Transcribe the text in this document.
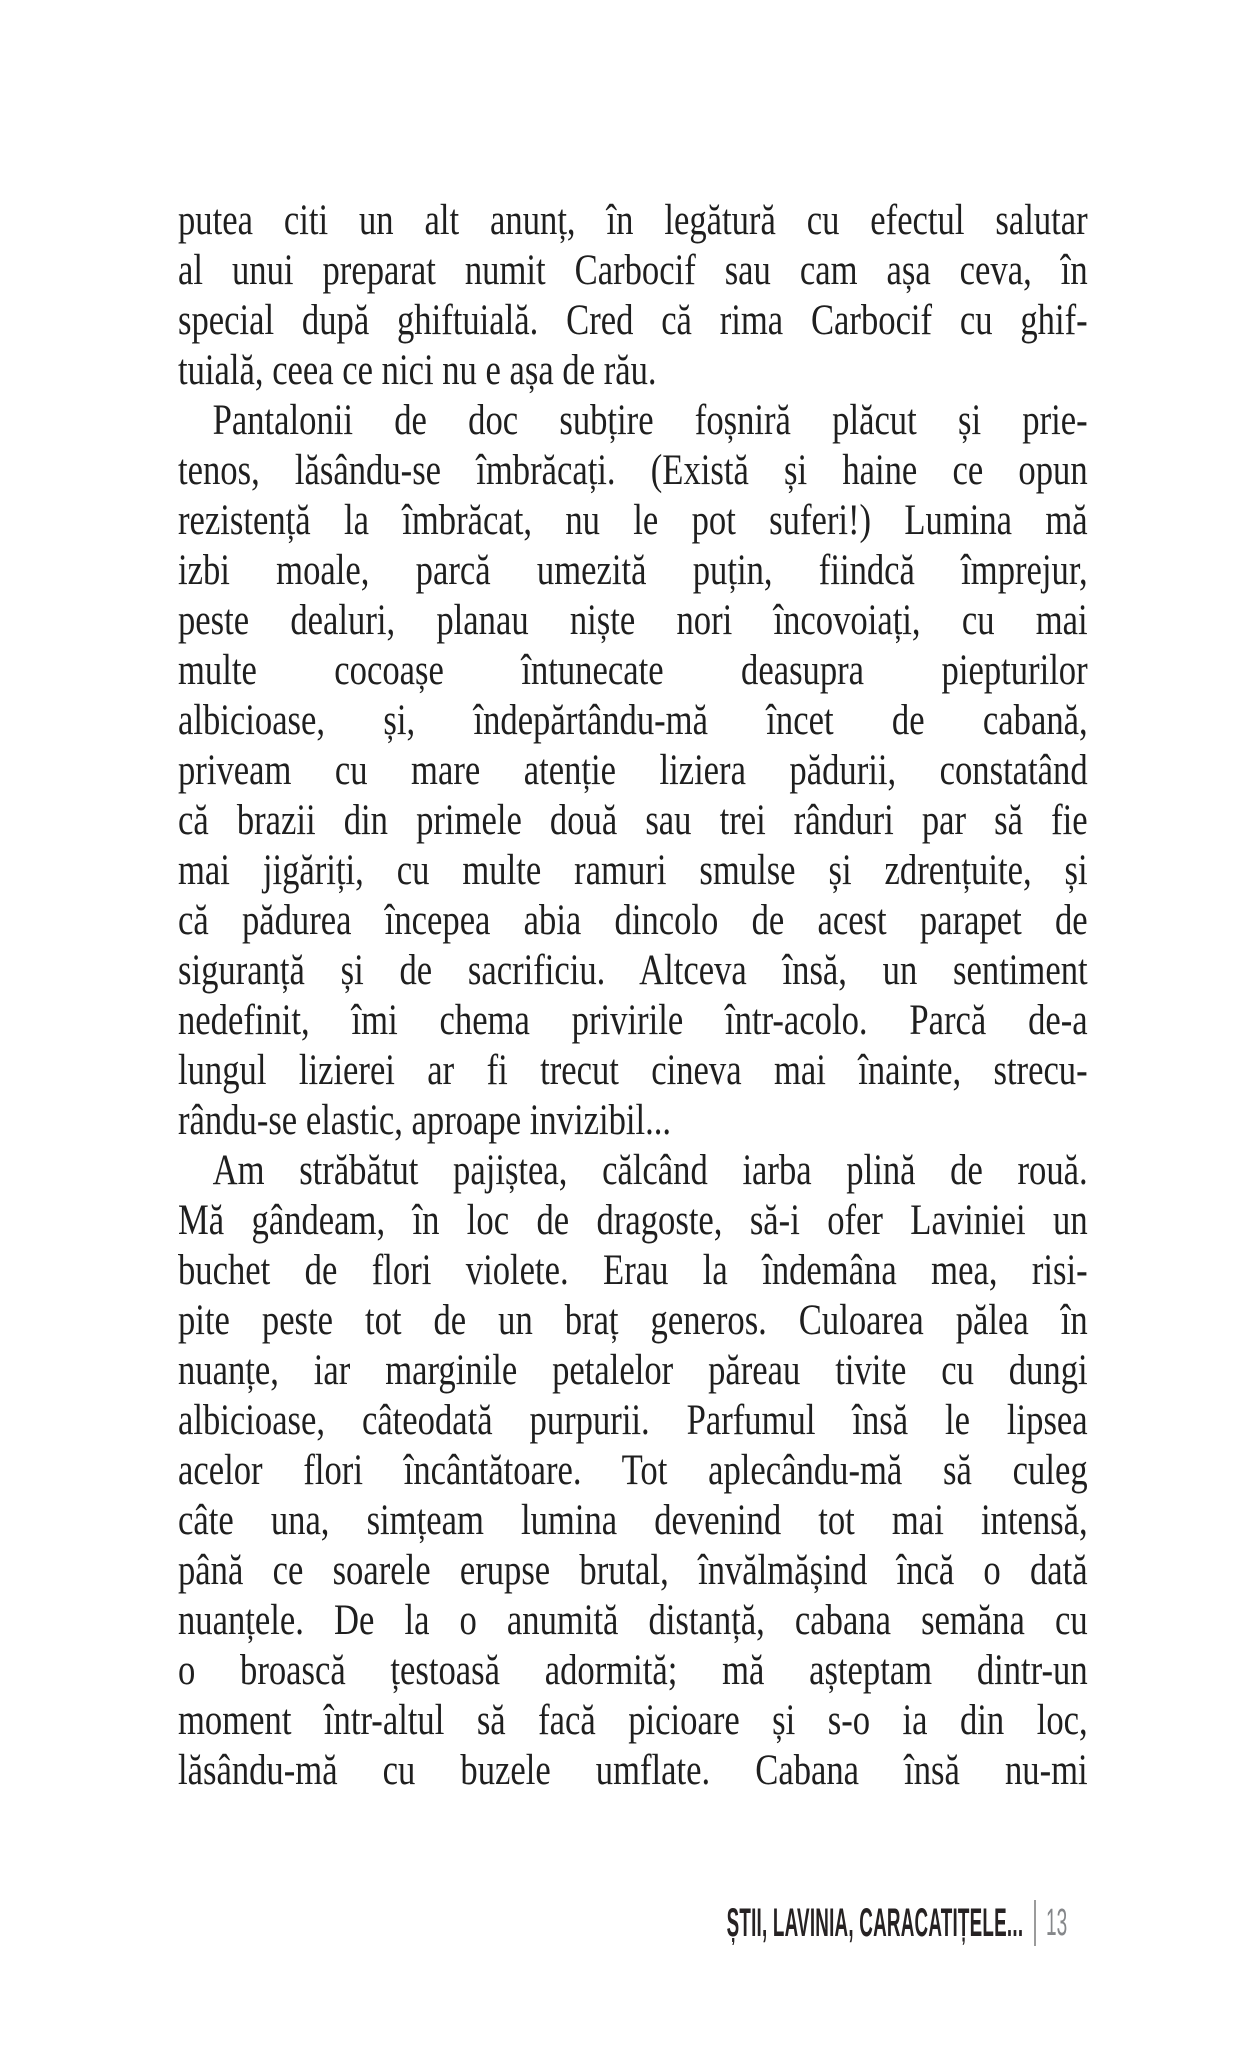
putea citi un alt anunț, în legătură cu efectul salutar
al unui preparat numit Carbocif sau cam așa ceva, în
special după ghiftuială. Cred că rima Carbocif cu ghif-
tuială, ceea ce nici nu e așa de rău.
Pantalonii de doc subțire foșniră plăcut și prie-
tenos, lăsându-se îmbrăcați. (Există și haine ce opun
rezistență la îmbrăcat, nu le pot suferi!) Lumina mă
izbi moale, parcă umezită puțin, fiindcă împrejur,
peste dealuri, planau niște nori încovoiați, cu mai
multe cocoașe întunecate deasupra piepturilor
albicioase, și, îndepărtându-mă încet de cabană,
priveam cu mare atenție liziera pădurii, constatând
că brazii din primele două sau trei rânduri par să fie
mai jigăriți, cu multe ramuri smulse și zdrențuite, și
că pădurea începea abia dincolo de acest parapet de
siguranță și de sacrificiu. Altceva însă, un sentiment
nedefinit, îmi chema privirile într-acolo. Parcă de-a
lungul lizierei ar fi trecut cineva mai înainte, strecu-
rându-se elastic, aproape invizibil...
Am străbătut pajiștea, călcând iarba plină de rouă.
Mă gândeam, în loc de dragoste, să-i ofer Laviniei un
buchet de flori violete. Erau la îndemâna mea, risi-
pite peste tot de un braț generos. Culoarea pălea în
nuanțe, iar marginile petalelor păreau tivite cu dungi
albicioase, câteodată purpurii. Parfumul însă le lipsea
acelor flori încântătoare. Tot aplecându-mă să culeg
câte una, simțeam lumina devenind tot mai intensă,
până ce soarele erupse brutal, învălmășind încă o dată
nuanțele. De la o anumită distanță, cabana semăna cu
o broască țestoasă adormită; mă așteptam dintr-un
moment într-altul să facă picioare și s-o ia din loc,
lăsându-mă cu buzele umflate. Cabana însă nu-mi
ȘTII, LAVINIA, CARACATIȚELE... 13
